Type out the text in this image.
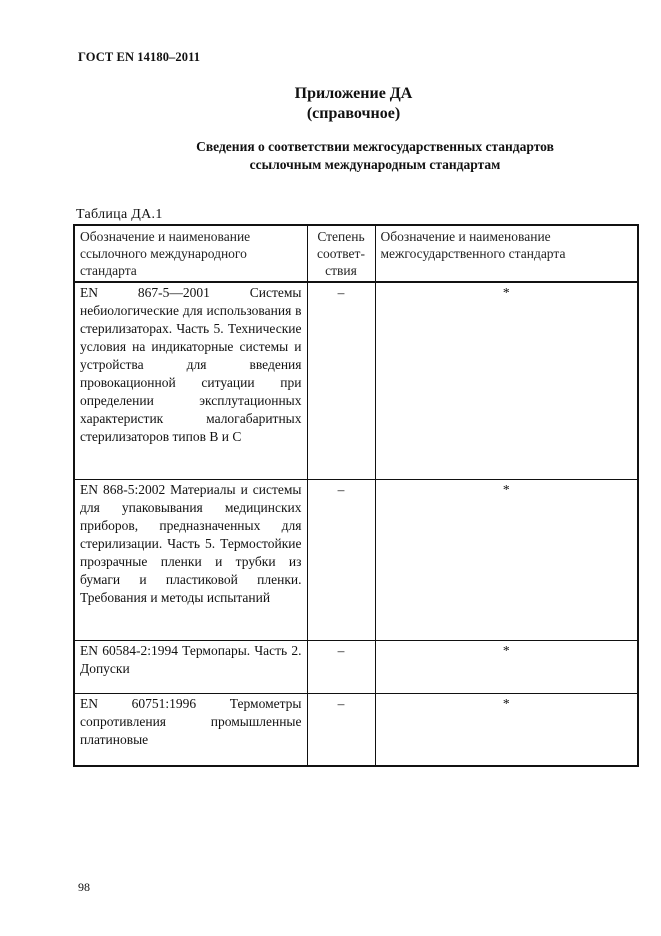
ГОСТ EN 14180–2011
Приложение ДА
(справочное)
Сведения о соответствии межгосударственных стандартов
ссылочным международным стандартам
Таблица ДА.1
Обозначение и наименование ссылочного международного стандарта	Степень соответствия	Обозначение и наименование межгосударственного стандарта
EN 867-5—2001 Системы небиологические для использования в стерилизаторах. Часть 5. Технические условия на индикаторные системы и устройства для введения провокационной ситуации при определении эксплутационных характеристик малогабаритных стерилизаторов типов В и С	–	*
EN 868-5:2002 Материалы и системы для упаковывания медицинских приборов, предназначенных для стерилизации. Часть 5. Термостойкие прозрачные пленки и трубки из бумаги и пластиковой пленки. Требования и методы испытаний	–	*
EN 60584-2:1994 Термопары. Часть 2. Допуски	–	*
EN 60751:1996 Термометры сопротивления промышленные платиновые	–	*
98
